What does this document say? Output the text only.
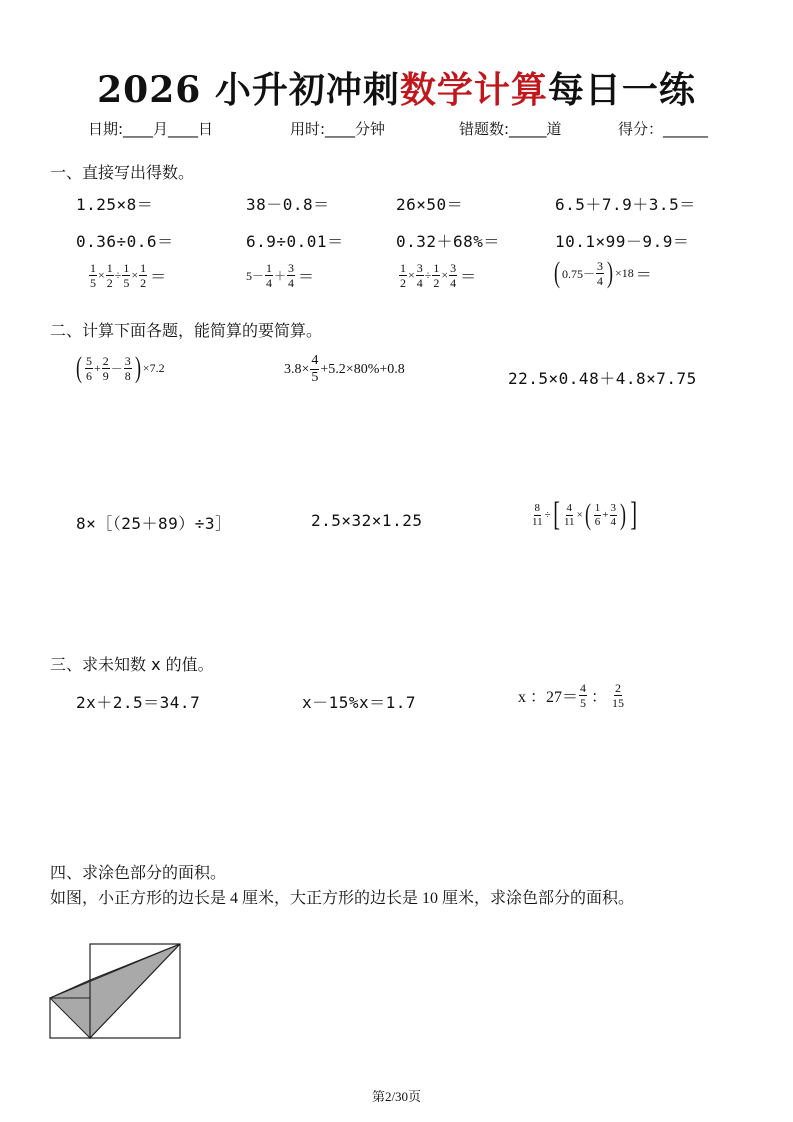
2026 小升初冲刺数学计算每日一练
日期:____月____日	用时:____分钟	错题数:_____道	得分：______
一、直接写出得数。
1.25×8＝	38－0.8＝	26×50＝	6.5＋7.9＋3.5＝
0.36÷0.6＝	6.9÷0.01＝	0.32＋68%＝	10.1×99－9.9＝
$\frac{1}{5} \times \frac{1}{2} \div \frac{1}{5} \times \frac{1}{2}$ ＝	$5- \frac{1}{4} + \frac{3}{4}$ ＝	$\frac{1}{2} \times \frac{3}{4} \div \frac{1}{2} \times \frac{3}{4}$ ＝	( $0.75- \frac{3}{4}$ ) ×18 ＝
二、计算下面各题，能简算的要简算。
( $\frac{5}{6} + \frac{2}{9} - \frac{3}{8}$ ) ×7.2	$3.8\times \frac{4}{5} +5.2\times 80\%+0.8$	22.5×0.48＋4.8×7.75
8×［（25＋89）÷3］	2.5×32×1.25	$\frac{8}{11}$ ÷ [ $\frac{4}{11}$ × ( $\frac{1}{6} + \frac{3}{4}$ ) ]
三、求未知数 x 的值。
2x＋2.5＝34.7	x－15%x＝1.7	x ：$27= \frac{4}{5}$ ： $\frac{2}{15}$
四、求涂色部分的面积。
如图，小正方形的边长是 4 厘米，大正方形的边长是 10 厘米，求涂色部分的面积。
第2/30页
